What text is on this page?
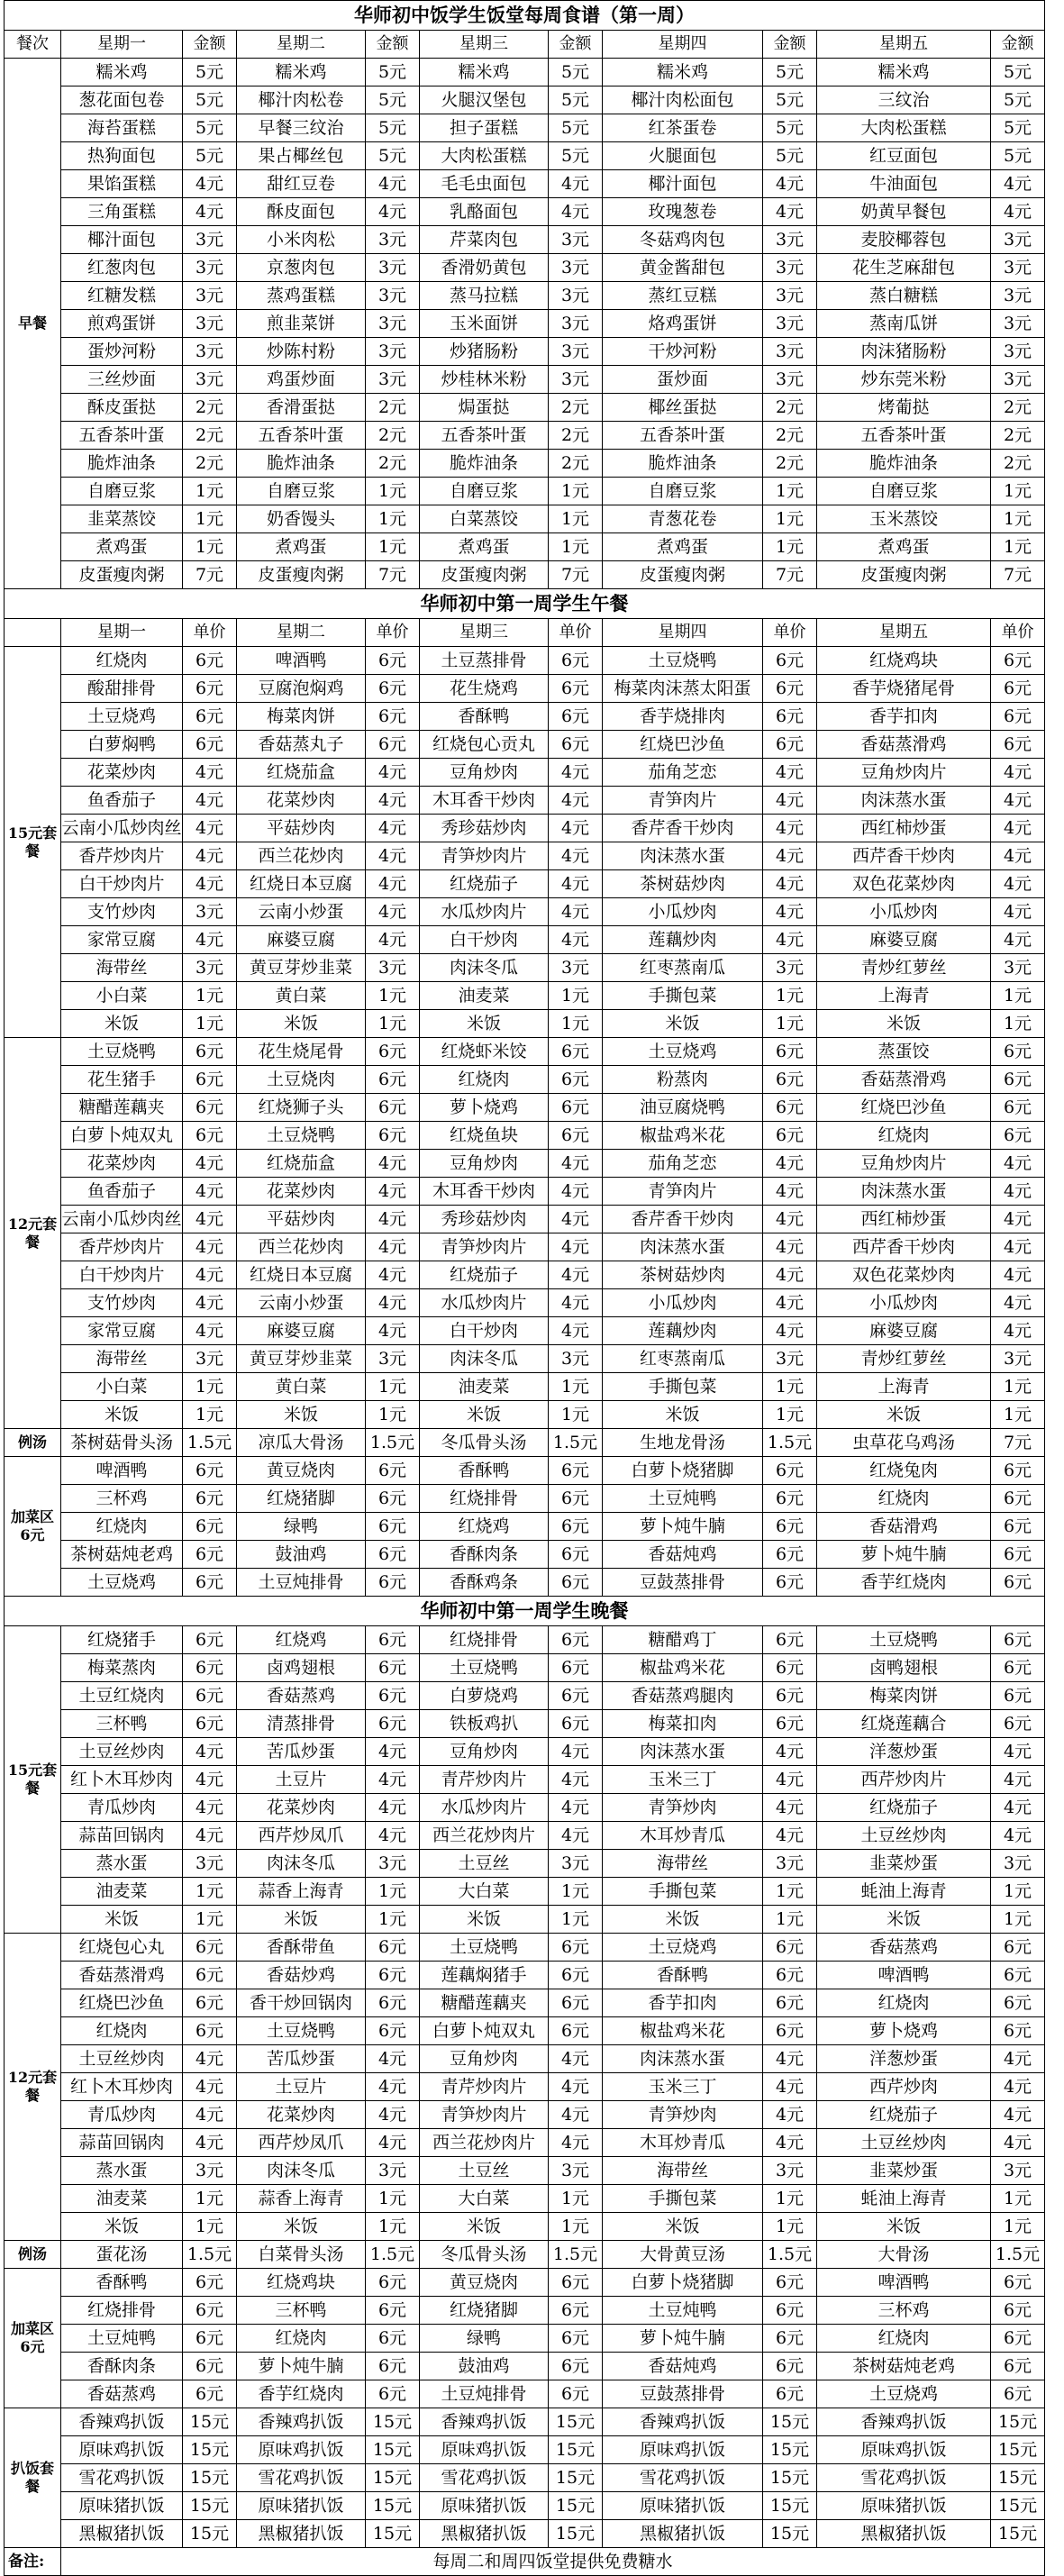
华师初中饭学生饭堂每周食谱（第一周）										
餐次	星期一	金额	星期二	金额	星期三	金额	星期四	金额	星期五	金额
早餐	糯米鸡	5元	糯米鸡	5元	糯米鸡	5元	糯米鸡	5元	糯米鸡	5元
	葱花面包卷	5元	椰汁肉松卷	5元	火腿汉堡包	5元	椰汁肉松面包	5元	三纹治	5元
	海苔蛋糕	5元	早餐三纹治	5元	担子蛋糕	5元	红茶蛋卷	5元	大肉松蛋糕	5元
	热狗面包	5元	果占椰丝包	5元	大肉松蛋糕	5元	火腿面包	5元	红豆面包	5元
	果馅蛋糕	4元	甜红豆卷	4元	毛毛虫面包	4元	椰汁面包	4元	牛油面包	4元
	三角蛋糕	4元	酥皮面包	4元	乳酪面包	4元	玫瑰葱卷	4元	奶黄早餐包	4元
	椰汁面包	3元	小米肉松	3元	芹菜肉包	3元	冬菇鸡肉包	3元	麦胶椰蓉包	3元
	红葱肉包	3元	京葱肉包	3元	香滑奶黄包	3元	黄金酱甜包	3元	花生芝麻甜包	3元
	红糖发糕	3元	蒸鸡蛋糕	3元	蒸马拉糕	3元	蒸红豆糕	3元	蒸白糖糕	3元
	煎鸡蛋饼	3元	煎韭菜饼	3元	玉米面饼	3元	烙鸡蛋饼	3元	蒸南瓜饼	3元
	蛋炒河粉	3元	炒陈村粉	3元	炒猪肠粉	3元	干炒河粉	3元	肉沫猪肠粉	3元
	三丝炒面	3元	鸡蛋炒面	3元	炒桂林米粉	3元	蛋炒面	3元	炒东莞米粉	3元
	酥皮蛋挞	2元	香滑蛋挞	2元	焗蛋挞	2元	椰丝蛋挞	2元	烤葡挞	2元
	五香茶叶蛋	2元	五香茶叶蛋	2元	五香茶叶蛋	2元	五香茶叶蛋	2元	五香茶叶蛋	2元
	脆炸油条	2元	脆炸油条	2元	脆炸油条	2元	脆炸油条	2元	脆炸油条	2元
	自磨豆浆	1元	自磨豆浆	1元	自磨豆浆	1元	自磨豆浆	1元	自磨豆浆	1元
	韭菜蒸饺	1元	奶香馒头	1元	白菜蒸饺	1元	青葱花卷	1元	玉米蒸饺	1元
	煮鸡蛋	1元	煮鸡蛋	1元	煮鸡蛋	1元	煮鸡蛋	1元	煮鸡蛋	1元
	皮蛋瘦肉粥	7元	皮蛋瘦肉粥	7元	皮蛋瘦肉粥	7元	皮蛋瘦肉粥	7元	皮蛋瘦肉粥	7元
华师初中第一周学生午餐										
	星期一	单价	星期二	单价	星期三	单价	星期四	单价	星期五	单价
15元套餐	红烧肉	6元	啤酒鸭	6元	土豆蒸排骨	6元	土豆烧鸭	6元	红烧鸡块	6元
	酸甜排骨	6元	豆腐泡焖鸡	6元	花生烧鸡	6元	梅菜肉沫蒸太阳蛋	6元	香芋烧猪尾骨	6元
	土豆烧鸡	6元	梅菜肉饼	6元	香酥鸭	6元	香芋烧排肉	6元	香芋扣肉	6元
	白萝焖鸭	6元	香菇蒸丸子	6元	红烧包心贡丸	6元	红烧巴沙鱼	6元	香菇蒸滑鸡	6元
	花菜炒肉	4元	红烧茄盒	4元	豆角炒肉	4元	茄角芝恋	4元	豆角炒肉片	4元
	鱼香茄子	4元	花菜炒肉	4元	木耳香干炒肉	4元	青笋肉片	4元	肉沫蒸水蛋	4元
	云南小瓜炒肉丝	4元	平菇炒肉	4元	秀珍菇炒肉	4元	香芹香干炒肉	4元	西红柿炒蛋	4元
	香芹炒肉片	4元	西兰花炒肉	4元	青笋炒肉片	4元	肉沫蒸水蛋	4元	西芹香干炒肉	4元
	白干炒肉片	4元	红烧日本豆腐	4元	红烧茄子	4元	茶树菇炒肉	4元	双色花菜炒肉	4元
	支竹炒肉	3元	云南小炒蛋	4元	水瓜炒肉片	4元	小瓜炒肉	4元	小瓜炒肉	4元
	家常豆腐	4元	麻婆豆腐	4元	白干炒肉	4元	莲藕炒肉	4元	麻婆豆腐	4元
	海带丝	3元	黄豆芽炒韭菜	3元	肉沫冬瓜	3元	红枣蒸南瓜	3元	青炒红萝丝	3元
	小白菜	1元	黄白菜	1元	油麦菜	1元	手撕包菜	1元	上海青	1元
	米饭	1元	米饭	1元	米饭	1元	米饭	1元	米饭	1元
12元套餐	土豆烧鸭	6元	花生烧尾骨	6元	红烧虾米饺	6元	土豆烧鸡	6元	蒸蛋饺	6元
	花生猪手	6元	土豆烧肉	6元	红烧肉	6元	粉蒸肉	6元	香菇蒸滑鸡	6元
	糖醋莲藕夹	6元	红烧狮子头	6元	萝卜烧鸡	6元	油豆腐烧鸭	6元	红烧巴沙鱼	6元
	白萝卜炖双丸	6元	土豆烧鸭	6元	红烧鱼块	6元	椒盐鸡米花	6元	红烧肉	6元
	花菜炒肉	4元	红烧茄盒	4元	豆角炒肉	4元	茄角芝恋	4元	豆角炒肉片	4元
	鱼香茄子	4元	花菜炒肉	4元	木耳香干炒肉	4元	青笋肉片	4元	肉沫蒸水蛋	4元
	云南小瓜炒肉丝	4元	平菇炒肉	4元	秀珍菇炒肉	4元	香芹香干炒肉	4元	西红柿炒蛋	4元
	香芹炒肉片	4元	西兰花炒肉	4元	青笋炒肉片	4元	肉沫蒸水蛋	4元	西芹香干炒肉	4元
	白干炒肉片	4元	红烧日本豆腐	4元	红烧茄子	4元	茶树菇炒肉	4元	双色花菜炒肉	4元
	支竹炒肉	4元	云南小炒蛋	4元	水瓜炒肉片	4元	小瓜炒肉	4元	小瓜炒肉	4元
	家常豆腐	4元	麻婆豆腐	4元	白干炒肉	4元	莲藕炒肉	4元	麻婆豆腐	4元
	海带丝	3元	黄豆芽炒韭菜	3元	肉沫冬瓜	3元	红枣蒸南瓜	3元	青炒红萝丝	3元
	小白菜	1元	黄白菜	1元	油麦菜	1元	手撕包菜	1元	上海青	1元
	米饭	1元	米饭	1元	米饭	1元	米饭	1元	米饭	1元
例汤	茶树菇骨头汤	1.5元	凉瓜大骨汤	1.5元	冬瓜骨头汤	1.5元	生地龙骨汤	1.5元	虫草花乌鸡汤	7元

加菜区
6元	啤酒鸭	6元	黄豆烧肉	6元	香酥鸭	6元	白萝卜烧猪脚	6元	红烧兔肉	6元
	三杯鸡	6元	红烧猪脚	6元	红烧排骨	6元	土豆炖鸭	6元	红烧肉	6元
	红烧肉	6元	绿鸭	6元	红烧鸡	6元	萝卜炖牛腩	6元	香菇滑鸡	6元
	茶树菇炖老鸡	6元	鼓油鸡	6元	香酥肉条	6元	香菇炖鸡	6元	萝卜炖牛腩	6元
	土豆烧鸡	6元	土豆炖排骨	6元	香酥鸡条	6元	豆鼓蒸排骨	6元	香芋红烧肉	6元
华师初中第一周学生晚餐										
15元套餐	红烧猪手	6元	红烧鸡	6元	红烧排骨	6元	糖醋鸡丁	6元	土豆烧鸭	6元
	梅菜蒸肉	6元	卤鸡翅根	6元	土豆烧鸭	6元	椒盐鸡米花	6元	卤鸭翅根	6元
	土豆红烧肉	6元	香菇蒸鸡	6元	白萝烧鸡	6元	香菇蒸鸡腿肉	6元	梅菜肉饼	6元
	三杯鸭	6元	清蒸排骨	6元	铁板鸡扒	6元	梅菜扣肉	6元	红烧莲藕合	6元
	土豆丝炒肉	4元	苦瓜炒蛋	4元	豆角炒肉	4元	肉沫蒸水蛋	4元	洋葱炒蛋	4元
	红卜木耳炒肉	4元	土豆片	4元	青芹炒肉片	4元	玉米三丁	4元	西芹炒肉片	4元
	青瓜炒肉	4元	花菜炒肉	4元	水瓜炒肉片	4元	青笋炒肉	4元	红烧茄子	4元
	蒜苗回锅肉	4元	西芹炒凤爪	4元	西兰花炒肉片	4元	木耳炒青瓜	4元	土豆丝炒肉	4元
	蒸水蛋	3元	肉沫冬瓜	3元	土豆丝	3元	海带丝	3元	韭菜炒蛋	3元
	油麦菜	1元	蒜香上海青	1元	大白菜	1元	手撕包菜	1元	蚝油上海青	1元
	米饭	1元	米饭	1元	米饭	1元	米饭	1元	米饭	1元
12元套餐	红烧包心丸	6元	香酥带鱼	6元	土豆烧鸭	6元	土豆烧鸡	6元	香菇蒸鸡	6元
	香菇蒸滑鸡	6元	香菇炒鸡	6元	莲藕焖猪手	6元	香酥鸭	6元	啤酒鸭	6元
	红烧巴沙鱼	6元	香干炒回锅肉	6元	糖醋莲藕夹	6元	香芋扣肉	6元	红烧肉	6元
	红烧肉	6元	土豆烧鸭	6元	白萝卜炖双丸	6元	椒盐鸡米花	6元	萝卜烧鸡	6元
	土豆丝炒肉	4元	苦瓜炒蛋	4元	豆角炒肉	4元	肉沫蒸水蛋	4元	洋葱炒蛋	4元
	红卜木耳炒肉	4元	土豆片	4元	青芹炒肉片	4元	玉米三丁	4元	西芹炒肉	4元
	青瓜炒肉	4元	花菜炒肉	4元	青笋炒肉片	4元	青笋炒肉	4元	红烧茄子	4元
	蒜苗回锅肉	4元	西芹炒凤爪	4元	西兰花炒肉片	4元	木耳炒青瓜	4元	土豆丝炒肉	4元
	蒸水蛋	3元	肉沫冬瓜	3元	土豆丝	3元	海带丝	3元	韭菜炒蛋	3元
	油麦菜	1元	蒜香上海青	1元	大白菜	1元	手撕包菜	1元	蚝油上海青	1元
	米饭	1元	米饭	1元	米饭	1元	米饭	1元	米饭	1元
例汤	蛋花汤	1.5元	白菜骨头汤	1.5元	冬瓜骨头汤	1.5元	大骨黄豆汤	1.5元	大骨汤	1.5元

加菜区
6元	香酥鸭	6元	红烧鸡块	6元	黄豆烧肉	6元	白萝卜烧猪脚	6元	啤酒鸭	6元
	红烧排骨	6元	三杯鸭	6元	红烧猪脚	6元	土豆炖鸭	6元	三杯鸡	6元
	土豆炖鸭	6元	红烧肉	6元	绿鸭	6元	萝卜炖牛腩	6元	红烧肉	6元
	香酥肉条	6元	萝卜炖牛腩	6元	鼓油鸡	6元	香菇炖鸡	6元	茶树菇炖老鸡	6元
	香菇蒸鸡	6元	香芋红烧肉	6元	土豆炖排骨	6元	豆鼓蒸排骨	6元	土豆烧鸡	6元
扒饭套餐	香辣鸡扒饭	15元	香辣鸡扒饭	15元	香辣鸡扒饭	15元	香辣鸡扒饭	15元	香辣鸡扒饭	15元
	原味鸡扒饭	15元	原味鸡扒饭	15元	原味鸡扒饭	15元	原味鸡扒饭	15元	原味鸡扒饭	15元
	雪花鸡扒饭	15元	雪花鸡扒饭	15元	雪花鸡扒饭	15元	雪花鸡扒饭	15元	雪花鸡扒饭	15元
	原味猪扒饭	15元	原味猪扒饭	15元	原味猪扒饭	15元	原味猪扒饭	15元	原味猪扒饭	15元
	黑椒猪扒饭	15元	黑椒猪扒饭	15元	黑椒猪扒饭	15元	黑椒猪扒饭	15元	黑椒猪扒饭	15元
备注:	每周二和周四饭堂提供免费糖水									
